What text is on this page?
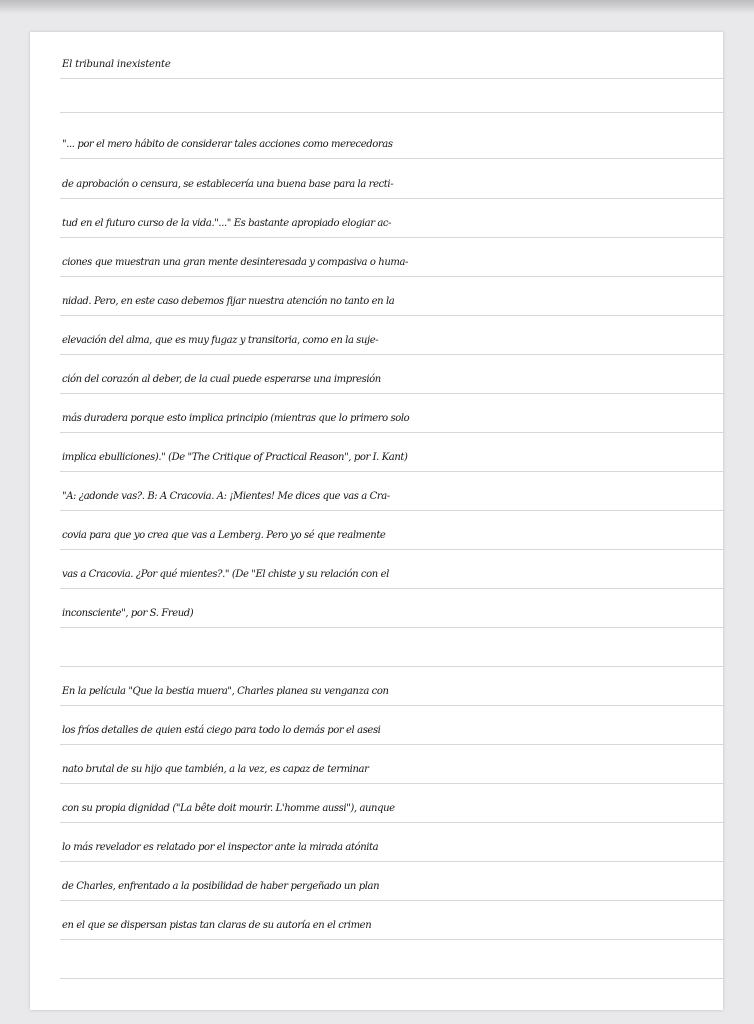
El tribunal inexistente
"... por el mero hábito de considerar tales acciones como merecedoras
de aprobación o censura, se establecería una buena base para la recti-
tud en el futuro curso de la vida."..." Es bastante apropiado elogiar ac-
ciones que muestran una gran mente desinteresada y compasiva o huma-
nidad. Pero, en este caso debemos fijar nuestra atención no tanto en la
elevación del alma, que es muy fugaz y transitoria, como en la suje-
ción del corazón al deber, de la cual puede esperarse una impresión
más duradera porque esto implica principio (mientras que lo primero solo
implica ebulliciones)." (De "The Critique of Practical Reason", por I. Kant)
"A: ¿adonde vas?. B: A Cracovia. A: ¡Mientes! Me dices que vas a Cra-
covia para que yo crea que vas a Lemberg. Pero yo sé que realmente
vas a Cracovia. ¿Por qué mientes?." (De "El chiste y su relación con el
inconsciente", por S. Freud)
En la película "Que la bestia muera", Charles planea su venganza con
los fríos detalles de quien está ciego para todo lo demás por el asesi
nato brutal de su hijo que también, a la vez, es capaz de terminar
con su propia dignidad ("La bête doit mourir. L'homme aussi"), aunque
lo más revelador es relatado por el inspector ante la mirada atónita
de Charles, enfrentado a la posibilidad de haber pergeñado un plan
en el que se dispersan pistas tan claras de su autoría en el crimen
